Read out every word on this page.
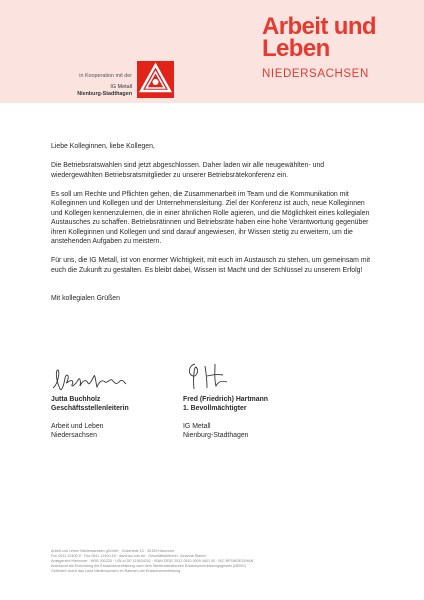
Arbeit und
Leben
NIEDERSACHSEN
in Kooperation mit der
IG Metall
Nienburg-Stadthagen

Liebe Kolleginnen, liebe Kollegen,

Die Betriebsratswahlen sind jetzt abgeschlossen. Daher laden wir alle neugewählten- und wiedergewählten Betriebsratsmitglieder zu unserer Betriebsrätekonferenz ein.

Es soll um Rechte und Pflichten gehen, die Zusammenarbeit im Team und die Kommunikation mit Kolleginnen und Kollegen und der Unternehmensleitung. Ziel der Konferenz ist auch, neue Kolleginnen und Kollegen kennenzulernen, die in einer ähnlichen Rolle agieren, und die Möglichkeit eines kollegialen Austausches zu schaffen. Betriebsrätinnen und Betriebsräte haben eine hohe Verantwortung gegenüber ihren Kolleginnen und Kollegen und sind darauf angewiesen, ihr Wissen stetig zu erweitern, um die anstehenden Aufgaben zu meistern.

Für uns, die IG Metall, ist von enormer Wichtigkeit, mit euch im Austausch zu stehen, um gemeinsam mit euch die Zukunft zu gestalten. Es bleibt dabei, Wissen ist Macht und der Schlüssel zu unserem Erfolg!

Mit kollegialen Grüßen

Jutta Buchholz
Geschäftsstellenleiterin
Arbeit und Leben
Niedersachsen
Fred (Friedrich) Hartmann
1. Bevollmächtigter
IG Metall
Nienburg-Stadthagen
Arbeit und Leben Niedersachsen gGmbH · Goseriede 13 · 30159 Hannover
Fon 0511 12400-0 · Fax 0511 12400-19 · www.aul-nds.de · Geschäftsführerin: Johanna Stamm
Amtsgericht Hannover · HRB 200225 · USt-Id DE 115634201 · IBAN DE52 2512 0510 0009 4601 00 · BIC BFSWDE33HAN
Anerkannt als Einrichtung der Erwachsenenbildung nach dem Niedersächsischen Erwachsenenbildungsgesetz (NEBG)
Gefördert durch das Land Niedersachsen im Rahmen der Erwachsenenbildung
